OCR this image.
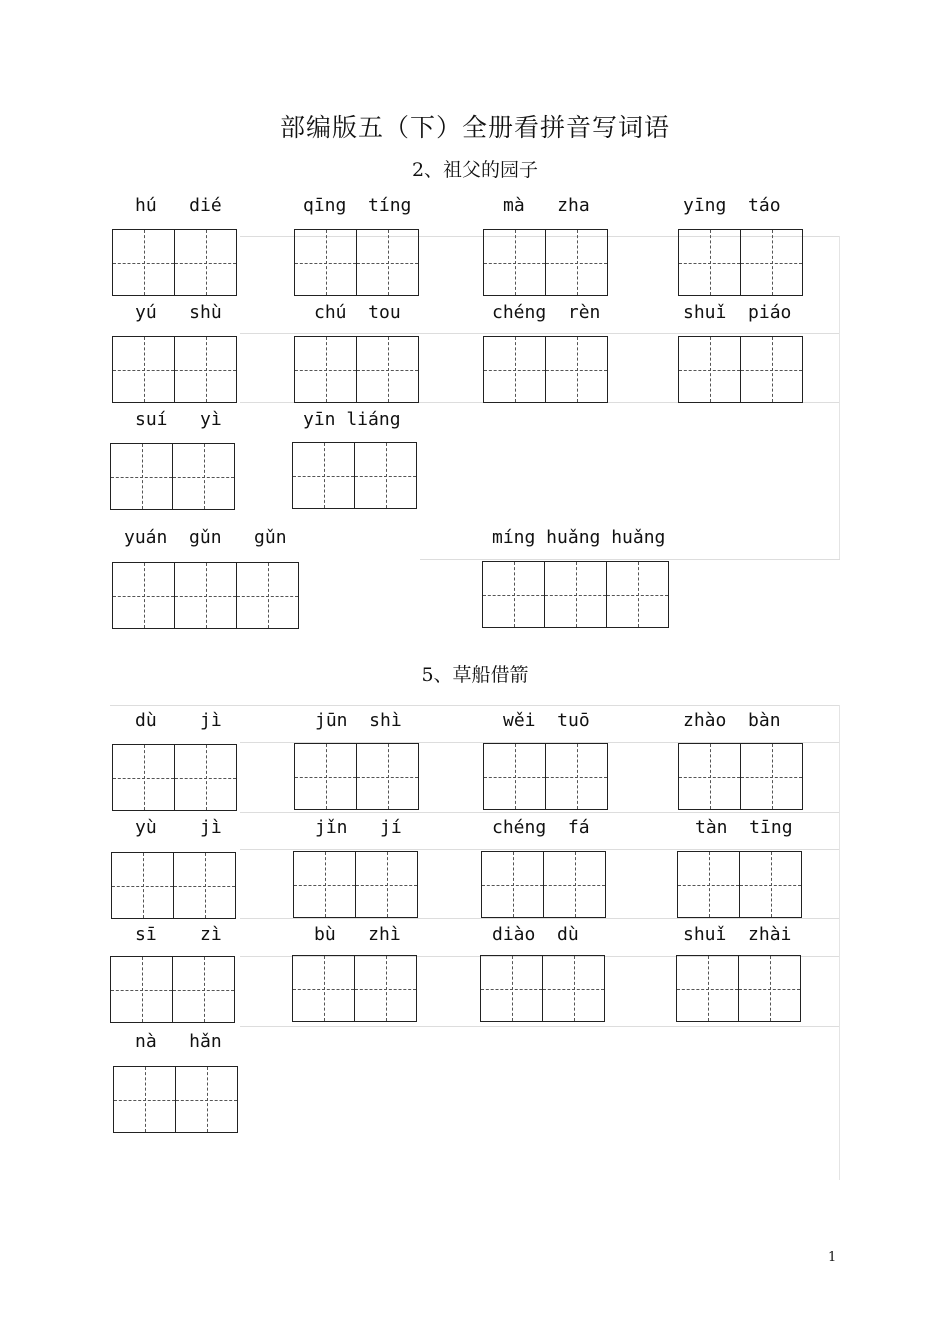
部编版五（下）全册看拼音写词语
2、祖父的园子
5、草船借箭
hú   dié	qīng  tíng	mà   zha	yīng  táo
yú   shù	chú  tou	chéng  rèn	shuǐ  piáo
suí   yì	yīn liáng
yuán  gǔn   gǔn	míng huǎng huǎng
dù    jì	jūn  shì	wěi  tuō	zhào  bàn
yù    jì	jǐn   jí	chéng  fá	tàn  tīng
sī    zì	bù   zhì	diào  dù	shuǐ  zhài
nà   hǎn
1
